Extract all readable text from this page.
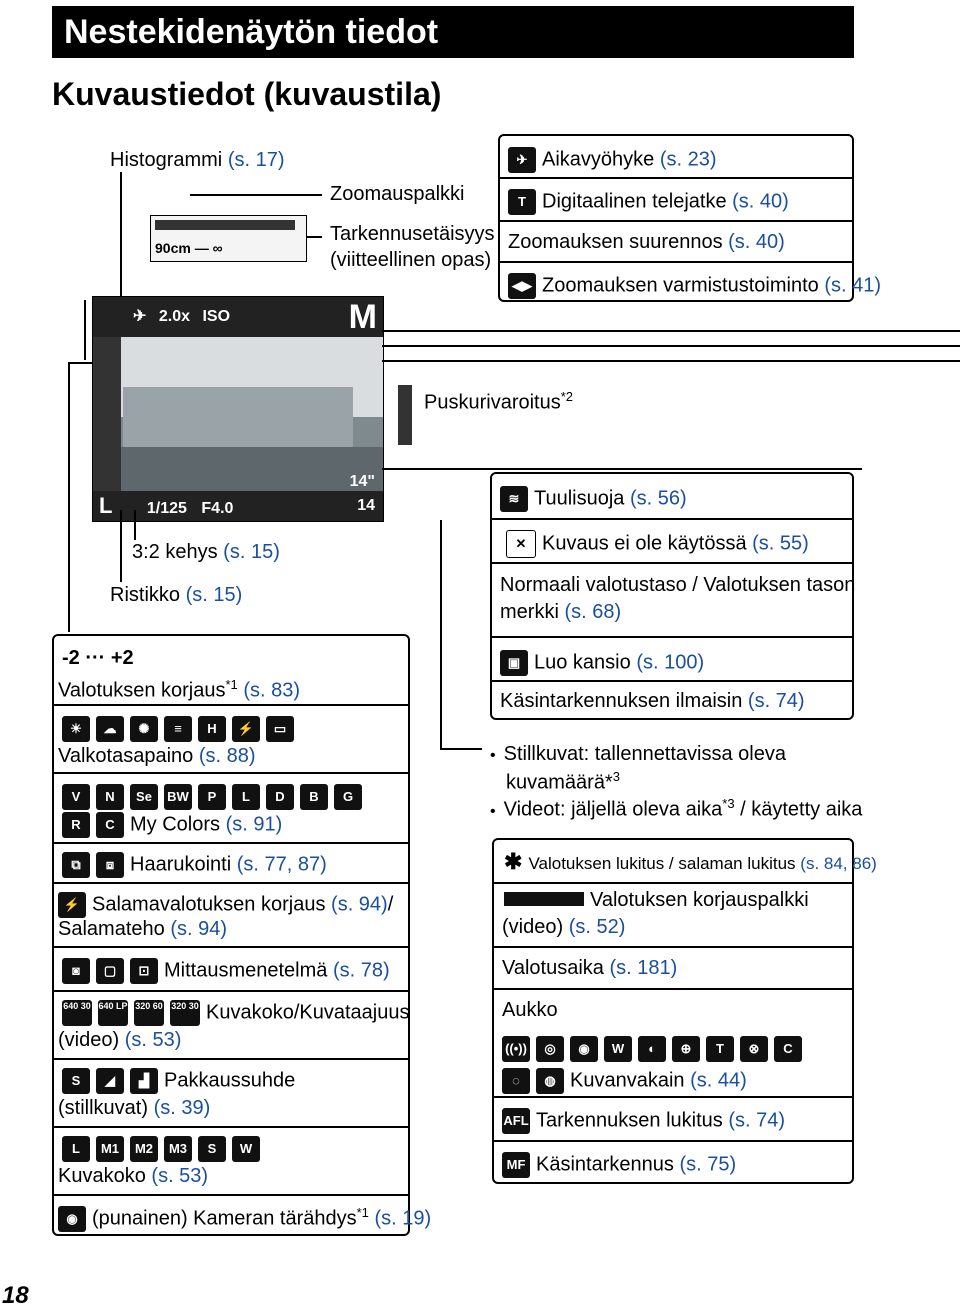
Nestekidenäytön tiedot
Kuvaustiedot (kuvaustila)
Histogrammi (s. 17)
Zoomauspalkki
Tarkennusetäisyys
(viitteellinen opas)
90cm — ∞
✈ 2.0x ISO	M
L 1/125 F4.0
14"
14
3:2 kehys (s. 15)
Ristikko (s. 15)
Puskurivaroitus$^{*2}$
✈ Aikavyöhyke (s. 23)
T Digitaalinen telejatke (s. 40)
Zoomauksen suurennos (s. 40)
◀▶ Zoomauksen varmistustoiminto (s. 41)
≋ Tuulisuoja (s. 56)
✕ Kuvaus ei ole käytössä (s. 55)
Normaali valotustaso / Valotuksen tason
merkki (s. 68)
▣ Luo kansio (s. 100)
Käsintarkennuksen ilmaisin (s. 74)
• Stillkuvat: tallennettavissa oleva
kuvamäärä*$^3$
• Videot: jäljellä oleva aika$^{*3}$ / käytetty aika
✱ Valotuksen lukitus / salaman lukitus (s. 84, 86)
Valotuksen korjauspalkki
(video) (s. 52)
Valotusaika (s. 181)
Aukko
((•)) ◎ ◉ W ◐ ⊕ T ⊗ C
◌ ◍ Kuvanvakain (s. 44)
AFL Tarkennuksen lukitus (s. 74)
MF Käsintarkennus (s. 75)
-2 ··· +2
Valotuksen korjaus$^{*1}$ (s. 83)
☀ ☁ ✺ ≡ H ⚡ ▭
Valkotasapaino (s. 88)
V N Se BW P L D B G
R C My Colors (s. 91)
⧉ ⧈ Haarukointi (s. 77, 87)
⚡ Salamavalotuksen korjaus (s. 94)/
Salamateho (s. 94)
◙ ▢ ⊡ Mittausmenetelmä (s. 78)
640 30 640 LP 320 60 320 30 Kuvakoko/Kuvataajuus
(video) (s. 53)
S ◢ ▟ Pakkaussuhde
(stillkuvat) (s. 39)
L M1 M2 M3 S W
Kuvakoko (s. 53)
◉ (punainen) Kameran tärähdys$^{*1}$ (s. 19)
18
